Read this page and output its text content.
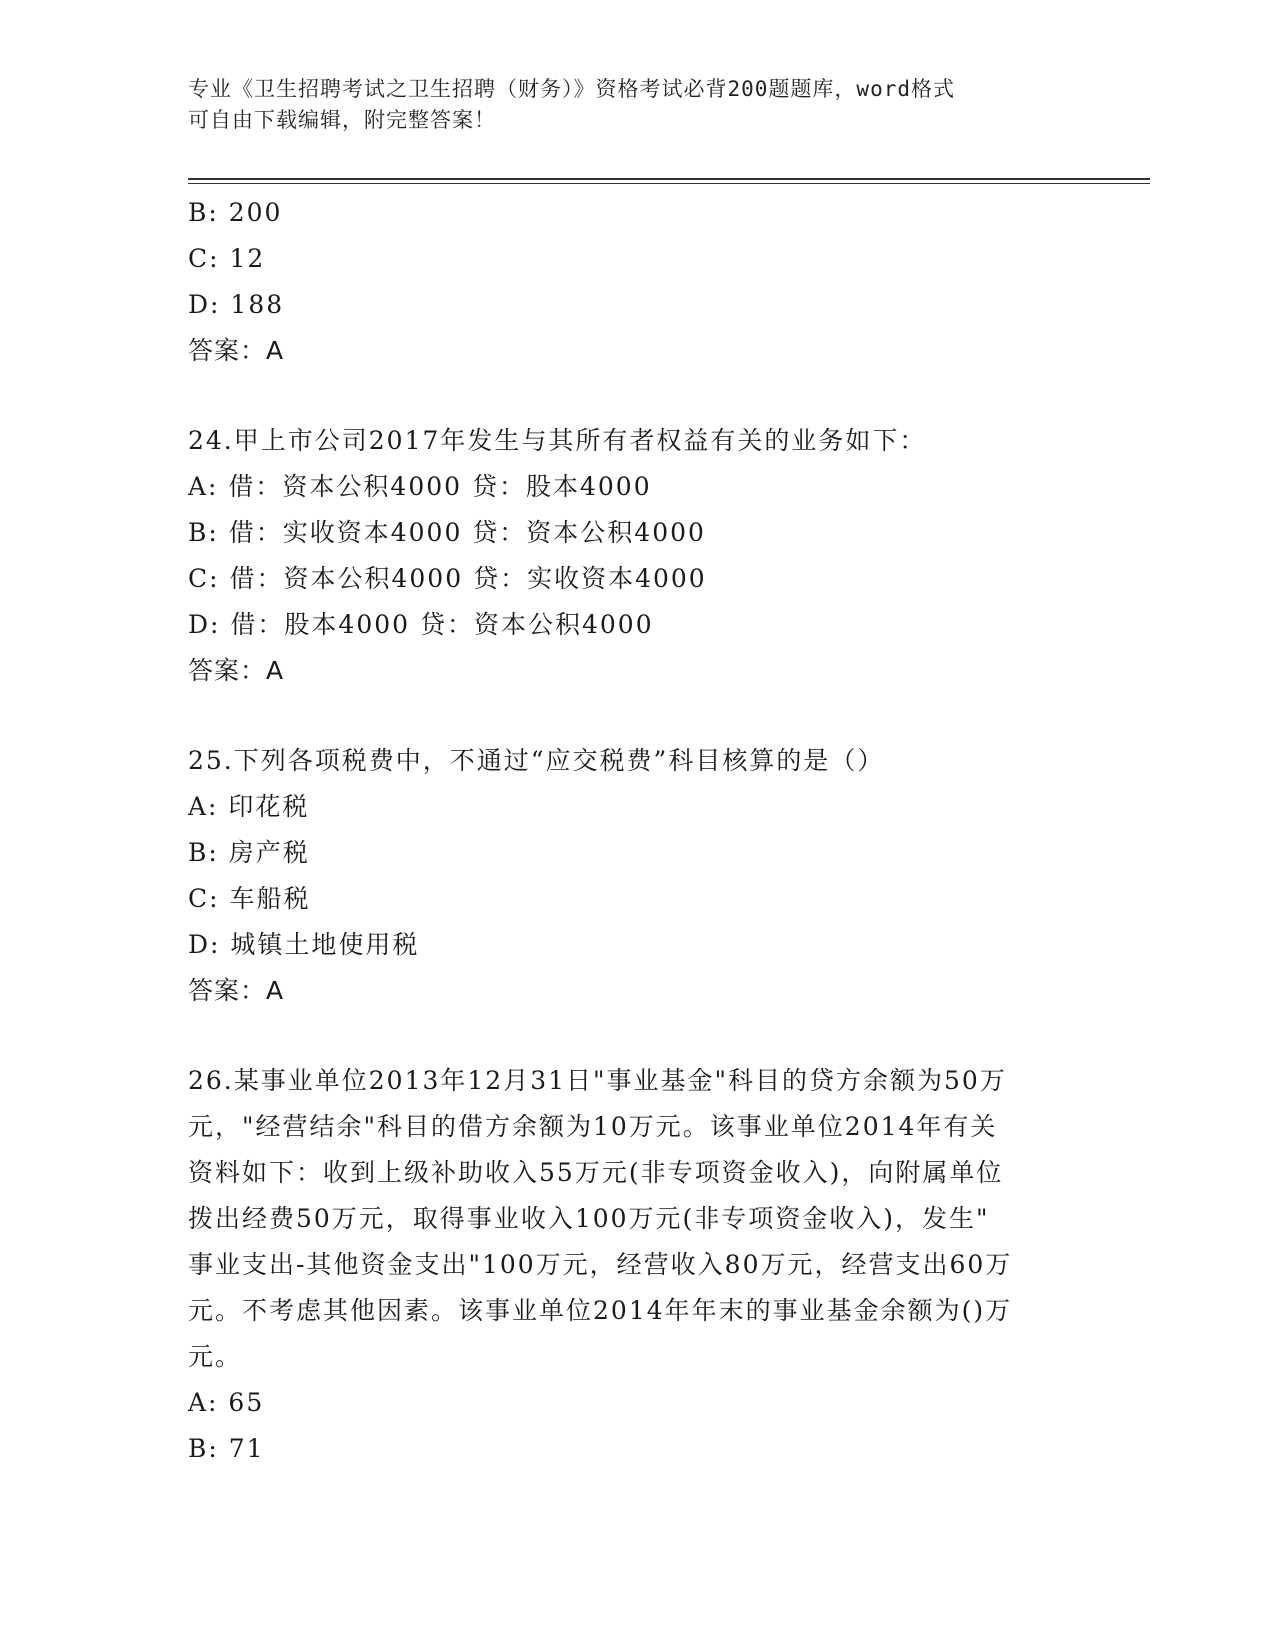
专业《卫生招聘考试之卫生招聘（财务）》资格考试必背200题题库，word格式
可自由下载编辑，附完整答案！
B: 200
C: 12
D: 188
答案：A
24.甲上市公司2017年发生与其所有者权益有关的业务如下：
A: 借：资本公积4000 贷：股本4000
B: 借：实收资本4000 贷：资本公积4000
C: 借：资本公积4000 贷：实收资本4000
D: 借：股本4000 贷：资本公积4000
答案：A
25.下列各项税费中，不通过“应交税费”科目核算的是（）
A: 印花税
B: 房产税
C: 车船税
D: 城镇土地使用税
答案：A
26.某事业单位2013年12月31日"事业基金"科目的贷方余额为50万
元，"经营结余"科目的借方余额为10万元。该事业单位2014年有关
资料如下：收到上级补助收入55万元(非专项资金收入)，向附属单位
拨出经费50万元，取得事业收入100万元(非专项资金收入)，发生"
事业支出-其他资金支出"100万元，经营收入80万元，经营支出60万
元。不考虑其他因素。该事业单位2014年年末的事业基金余额为()万
元。
A: 65
B: 71
